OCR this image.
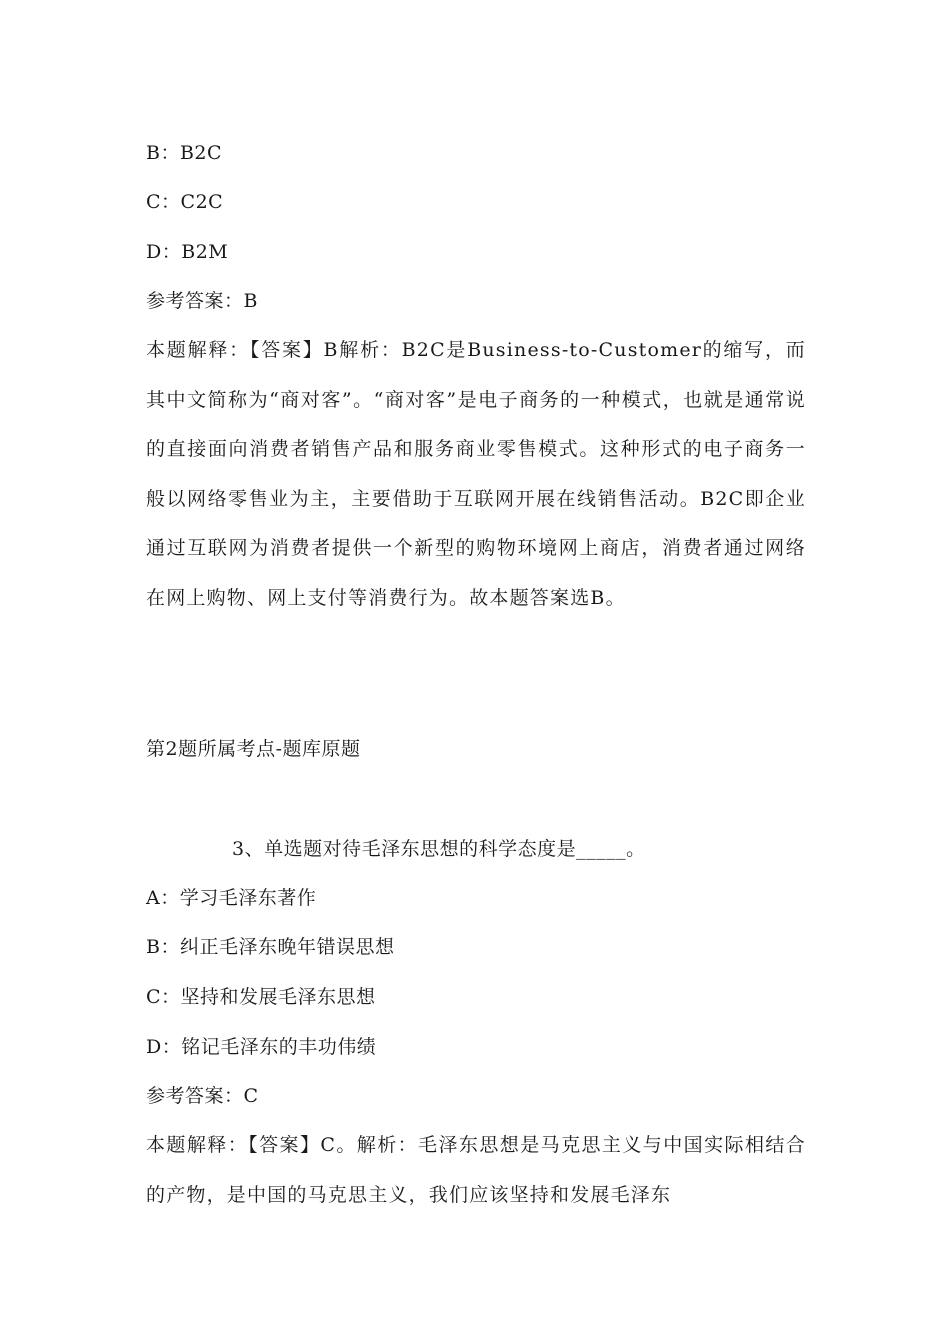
B：B2C
C：C2C
D：B2M
参考答案：B
本题解释：【答案】B解析：B2C是Business-to-Customer的缩写，而其中文简称为“商对客”。“商对客”是电子商务的一种模式，也就是通常说的直接面向消费者销售产品和服务商业零售模式。这种形式的电子商务一般以网络零售业为主，主要借助于互联网开展在线销售活动。B2C即企业通过互联网为消费者提供一个新型的购物环境网上商店，消费者通过网络在网上购物、网上支付等消费行为。故本题答案选B。
第2题所属考点-题库原题
3、单选题对待毛泽东思想的科学态度是_____。
A：学习毛泽东著作
B：纠正毛泽东晚年错误思想
C：坚持和发展毛泽东思想
D：铭记毛泽东的丰功伟绩
参考答案：C
本题解释：【答案】C。解析：毛泽东思想是马克思主义与中国实际相结合的产物，是中国的马克思主义，我们应该坚持和发展毛泽东
